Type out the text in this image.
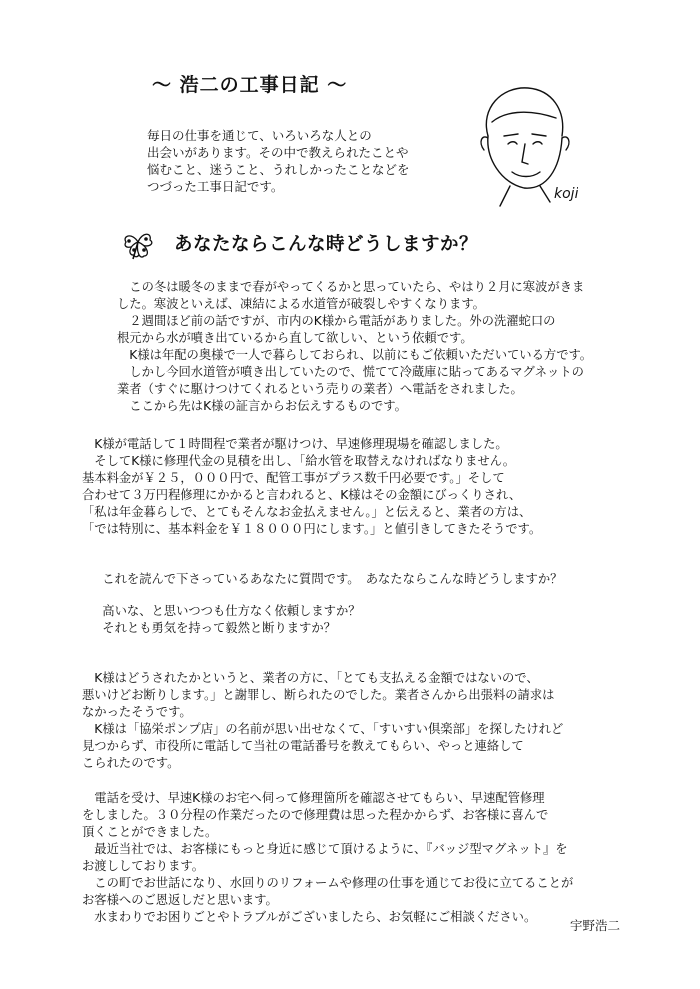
～ 浩二の工事日記 ～
毎日の仕事を通じて、いろいろな人との
出会いがあります。その中で教えられたことや
悩むこと、迷うこと、うれしかったことなどを
つづった工事日記です。	koji
あなたならこんな時どうしますか？
　この冬は暖冬のままで春がやってくるかと思っていたら、やはり２月に寒波がきま
した。寒波といえば、凍結による水道管が破裂しやすくなります。
　２週間ほど前の話ですが、市内のK様から電話がありました。外の洗濯蛇口の
根元から水が噴き出ているから直して欲しい、という依頼です。
　K様は年配の奥様で一人で暮らしておられ、以前にもご依頼いただいている方です。
　しかし今回水道管が噴き出していたので、慌てて冷蔵庫に貼ってあるマグネットの
業者（すぐに駆けつけてくれるという売りの業者）へ電話をされました。
　ここから先はK様の証言からお伝えするものです。
　K様が電話して１時間程で業者が駆けつけ、早速修理現場を確認しました。
　そしてK様に修理代金の見積を出し、「給水管を取替えなければなりません。
基本料金が￥２５，０００円で、配管工事がプラス数千円必要です。」そして
合わせて３万円程修理にかかると言われると、K様はその金額にびっくりされ、
「私は年金暮らしで、とてもそんなお金払えません。」と伝えると、業者の方は、
「では特別に、基本料金を￥１８０００円にします。」と値引きしてきたそうです。
　これを読んで下さっているあなたに質問です。　あなたならこんな時どうしますか？
　高いな、と思いつつも仕方なく依頼しますか？
　それとも勇気を持って毅然と断りますか？
　K様はどうされたかというと、業者の方に、「とても支払える金額ではないので、
悪いけどお断りします。」と謝罪し、断られたのでした。業者さんから出張料の請求は
なかったそうです。
　K様は「協栄ポンプ店」の名前が思い出せなくて、「すいすい倶楽部」を探したけれど
見つからず、市役所に電話して当社の電話番号を教えてもらい、やっと連絡して
こられたのです。
　電話を受け、早速K様のお宅へ伺って修理箇所を確認させてもらい、早速配管修理
をしました。３０分程の作業だったので修理費は思った程かからず、お客様に喜んで
頂くことができました。
　最近当社では、お客様にもっと身近に感じて頂けるように、『バッジ型マグネット』を
お渡ししております。
　この町でお世話になり、水回りのリフォームや修理の仕事を通じてお役に立てることが
お客様へのご恩返しだと思います。
　水まわりでお困りごとやトラブルがございましたら、お気軽にご相談ください。
宇野浩二
